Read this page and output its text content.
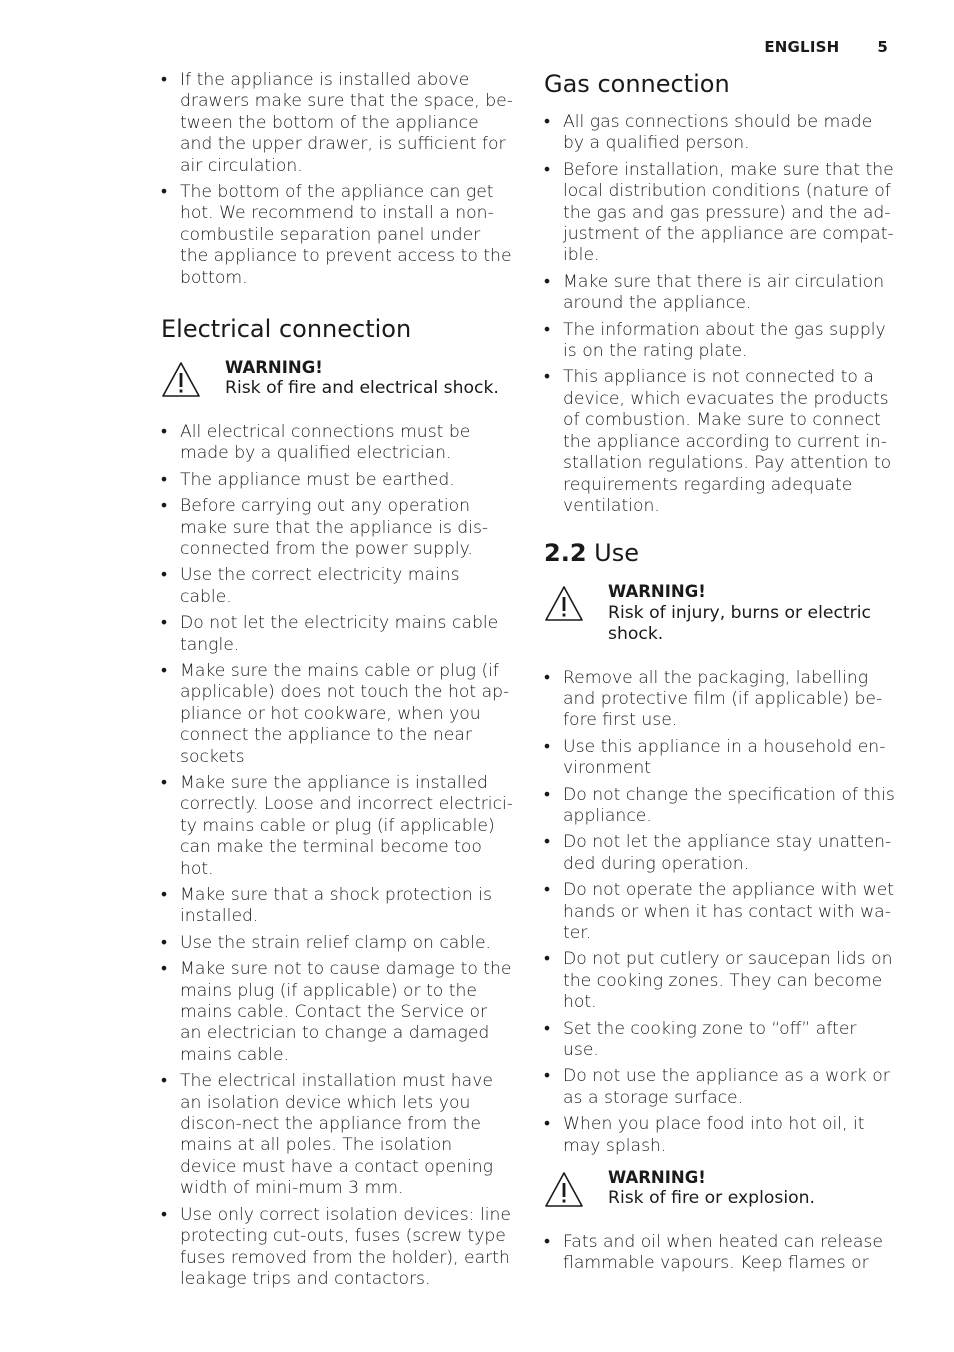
ENGLISH	5
• If the appliance is installed above drawers make sure that the space, be-tween the bottom of the appliance and the upper drawer, is sufficient for air circulation.
• The bottom of the appliance can get hot. We recommend to install a non-combustile separation panel under the appliance to prevent access to the bottom.
Electrical connection
WARNING!
Risk of fire and electrical shock.
• All electrical connections must be made by a qualified electrician.
• The appliance must be earthed.
• Before carrying out any operation make sure that the appliance is dis-connected from the power supply.
• Use the correct electricity mains cable.
• Do not let the electricity mains cable tangle.
• Make sure the mains cable or plug (if applicable) does not touch the hot ap-pliance or hot cookware, when you connect the appliance to the near sockets
• Make sure the appliance is installed correctly. Loose and incorrect electrici-ty mains cable or plug (if applicable) can make the terminal become too hot.
• Make sure that a shock protection is installed.
• Use the strain relief clamp on cable.
• Make sure not to cause damage to the mains plug (if applicable) or to the mains cable. Contact the Service or an electrician to change a damaged mains cable.
• The electrical installation must have an isolation device which lets you discon-nect the appliance from the mains at all poles. The isolation device must have a contact opening width of mini-mum 3 mm.
• Use only correct isolation devices: line protecting cut-outs, fuses (screw type fuses removed from the holder), earth leakage trips and contactors.
Gas connection
• All gas connections should be made by a qualified person.
• Before installation, make sure that the local distribution conditions (nature of the gas and gas pressure) and the ad-justment of the appliance are compat-ible.
• Make sure that there is air circulation around the appliance.
• The information about the gas supply is on the rating plate.
• This appliance is not connected to a device, which evacuates the products of combustion. Make sure to connect the appliance according to current in-stallation regulations. Pay attention to requirements regarding adequate ventilation.
2.2 Use
WARNING!
Risk of injury, burns or electric shock.
• Remove all the packaging, labelling and protective film (if applicable) be-fore first use.
• Use this appliance in a household en-vironment
• Do not change the specification of this appliance.
• Do not let the appliance stay unatten-ded during operation.
• Do not operate the appliance with wet hands or when it has contact with wa-ter.
• Do not put cutlery or saucepan lids on the cooking zones. They can become hot.
• Set the cooking zone to “off” after use.
• Do not use the appliance as a work or as a storage surface.
• When you place food into hot oil, it may splash.
WARNING!
Risk of fire or explosion.
• Fats and oil when heated can release flammable vapours. Keep flames or
